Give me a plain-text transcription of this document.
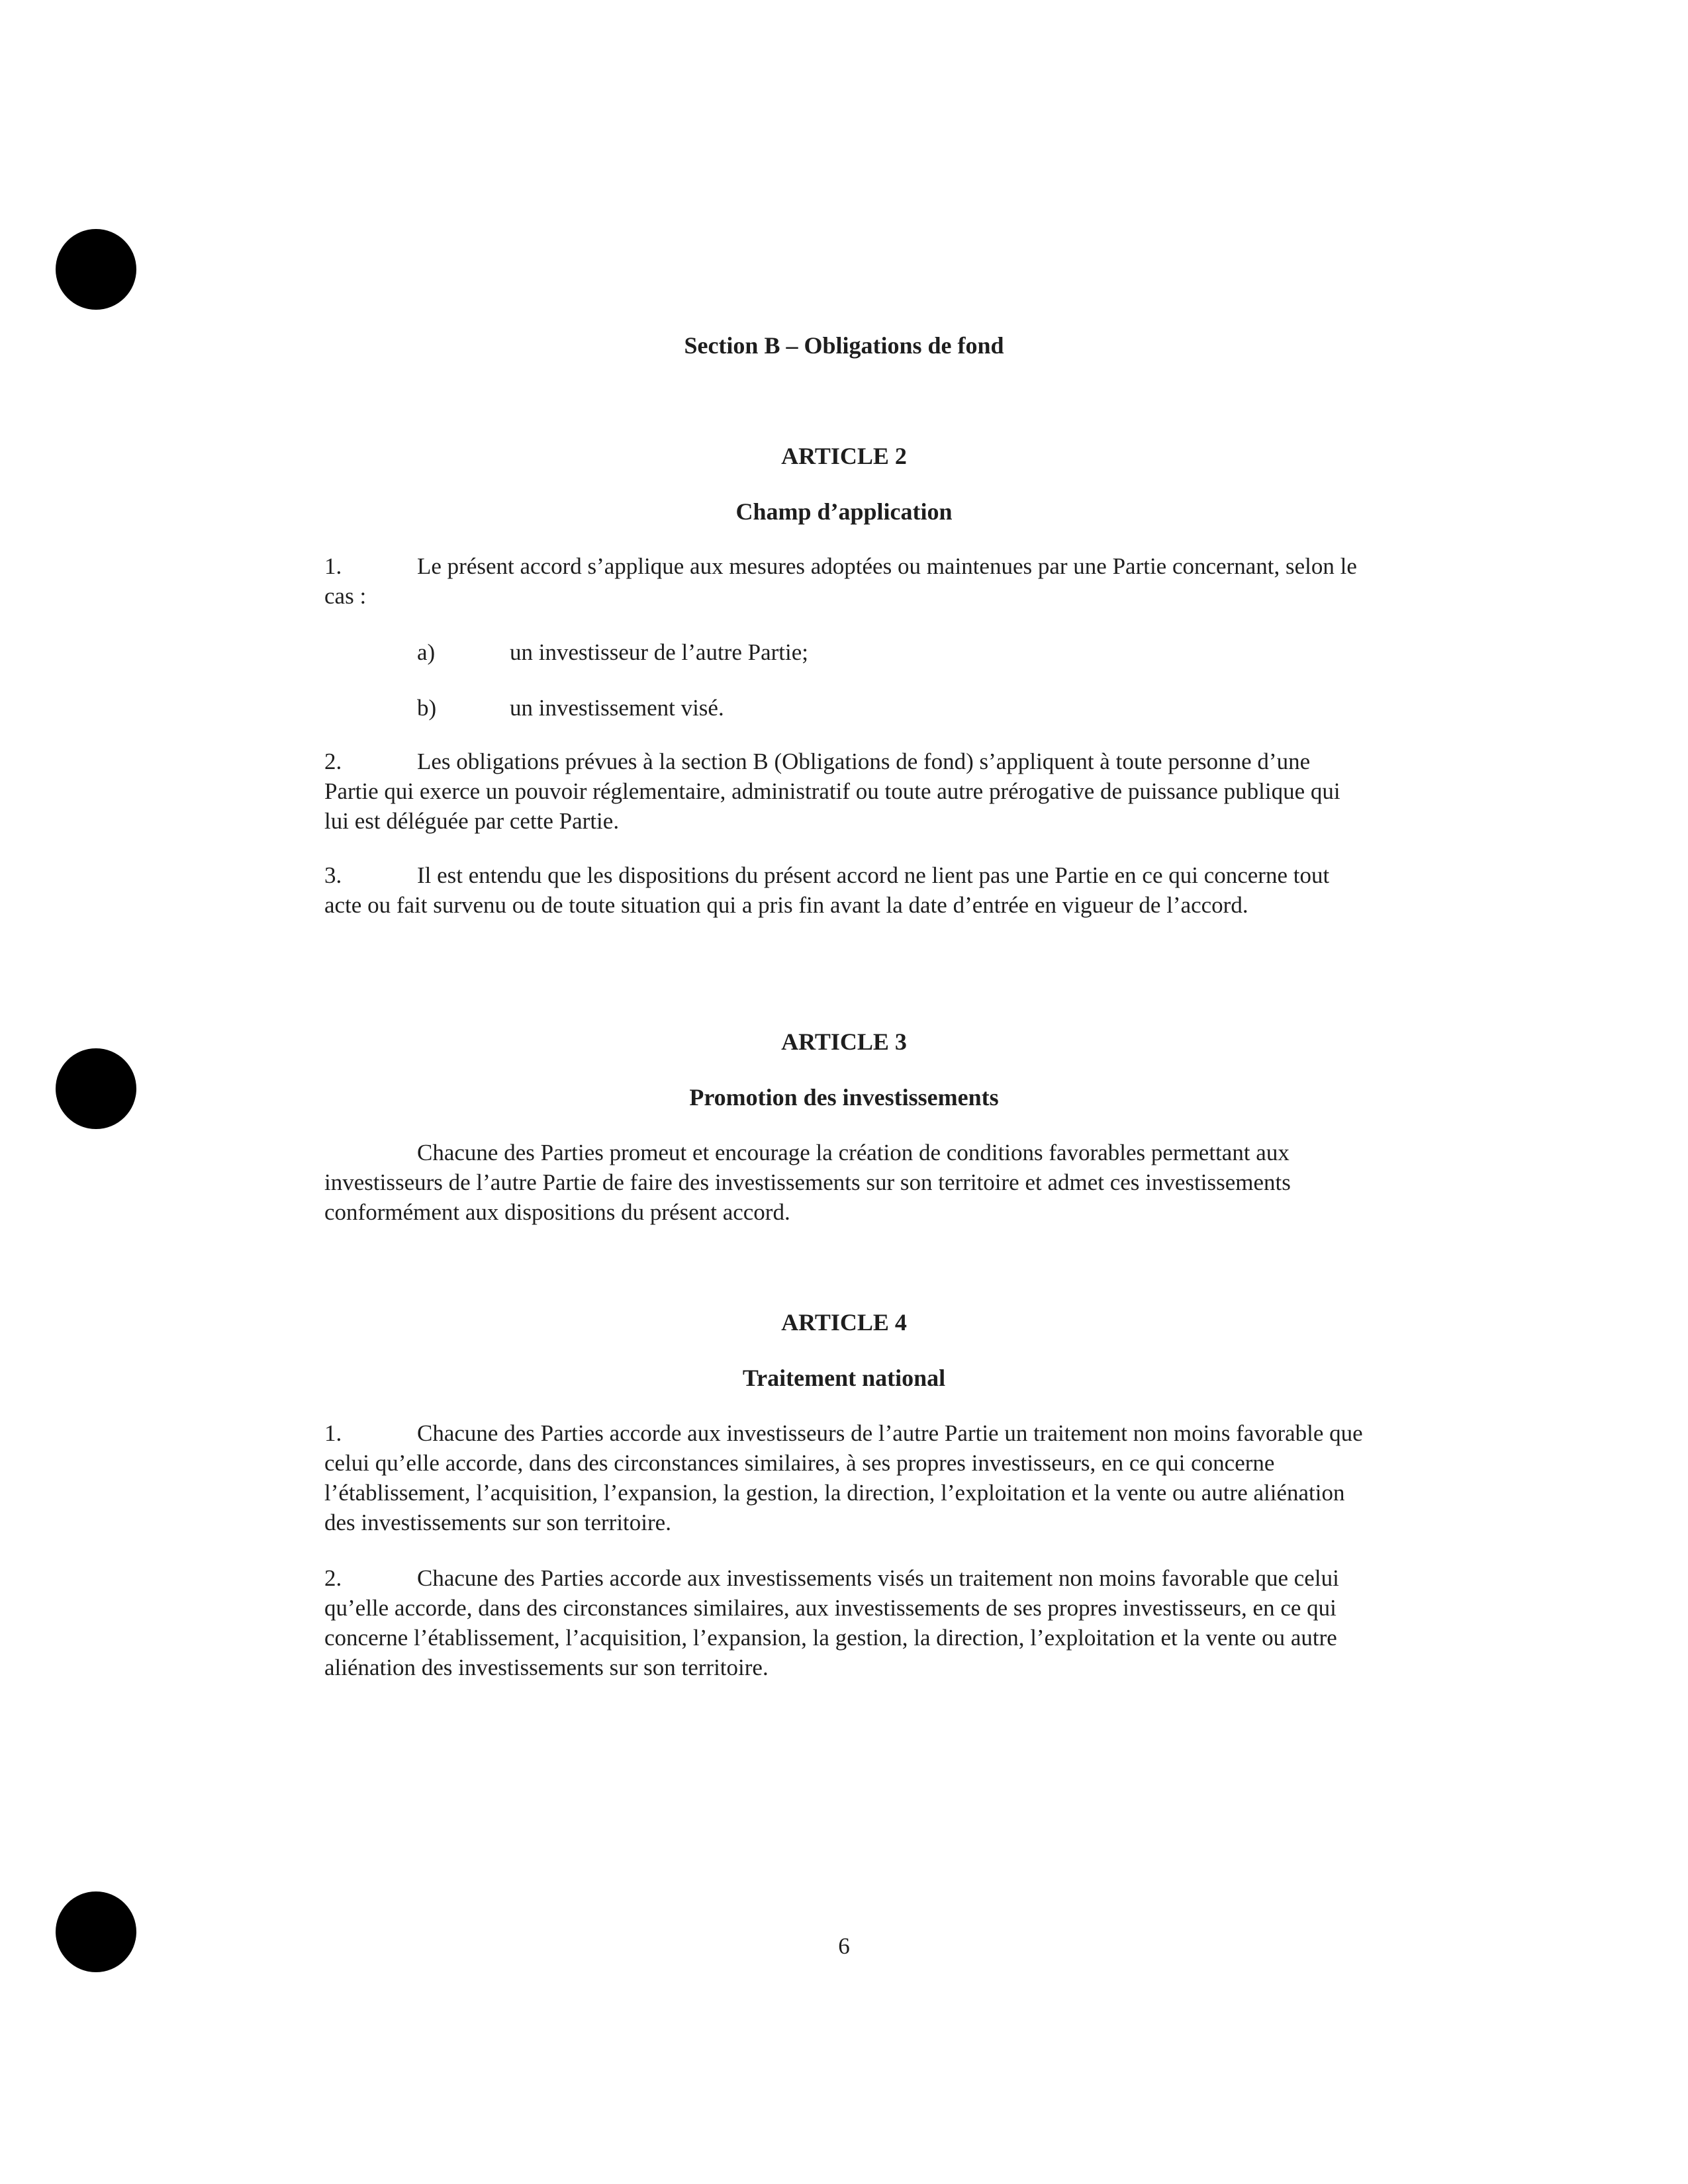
Section B – Obligations de fond
ARTICLE 2
Champ d’application

1.	Le présent accord s’applique aux mesures adoptées ou maintenues par une Partie concernant, selon le cas :

a)	un investisseur de l’autre Partie;
b)	un investissement visé.

2.	Les obligations prévues à la section B (Obligations de fond) s’appliquent à toute personne d’une Partie qui exerce un pouvoir réglementaire, administratif ou toute autre prérogative de puissance publique qui lui est déléguée par cette Partie.

3.	Il est entendu que les dispositions du présent accord ne lient pas une Partie en ce qui concerne tout acte ou fait survenu ou de toute situation qui a pris fin avant la date d’entrée en vigueur de l’accord.

ARTICLE 3
Promotion des investissements

Chacune des Parties promeut et encourage la création de conditions favorables permettant aux investisseurs de l’autre Partie de faire des investissements sur son territoire et admet ces investissements conformément aux dispositions du présent accord.

ARTICLE 4
Traitement national

1.	Chacune des Parties accorde aux investisseurs de l’autre Partie un traitement non moins favorable que celui qu’elle accorde, dans des circonstances similaires, à ses propres investisseurs, en ce qui concerne l’établissement, l’acquisition, l’expansion, la gestion, la direction, l’exploitation et la vente ou autre aliénation des investissements sur son territoire.

2.	Chacune des Parties accorde aux investissements visés un traitement non moins favorable que celui qu’elle accorde, dans des circonstances similaires, aux investissements de ses propres investisseurs, en ce qui concerne l’établissement, l’acquisition, l’expansion, la gestion, la direction, l’exploitation et la vente ou autre aliénation des investissements sur son territoire.

6
